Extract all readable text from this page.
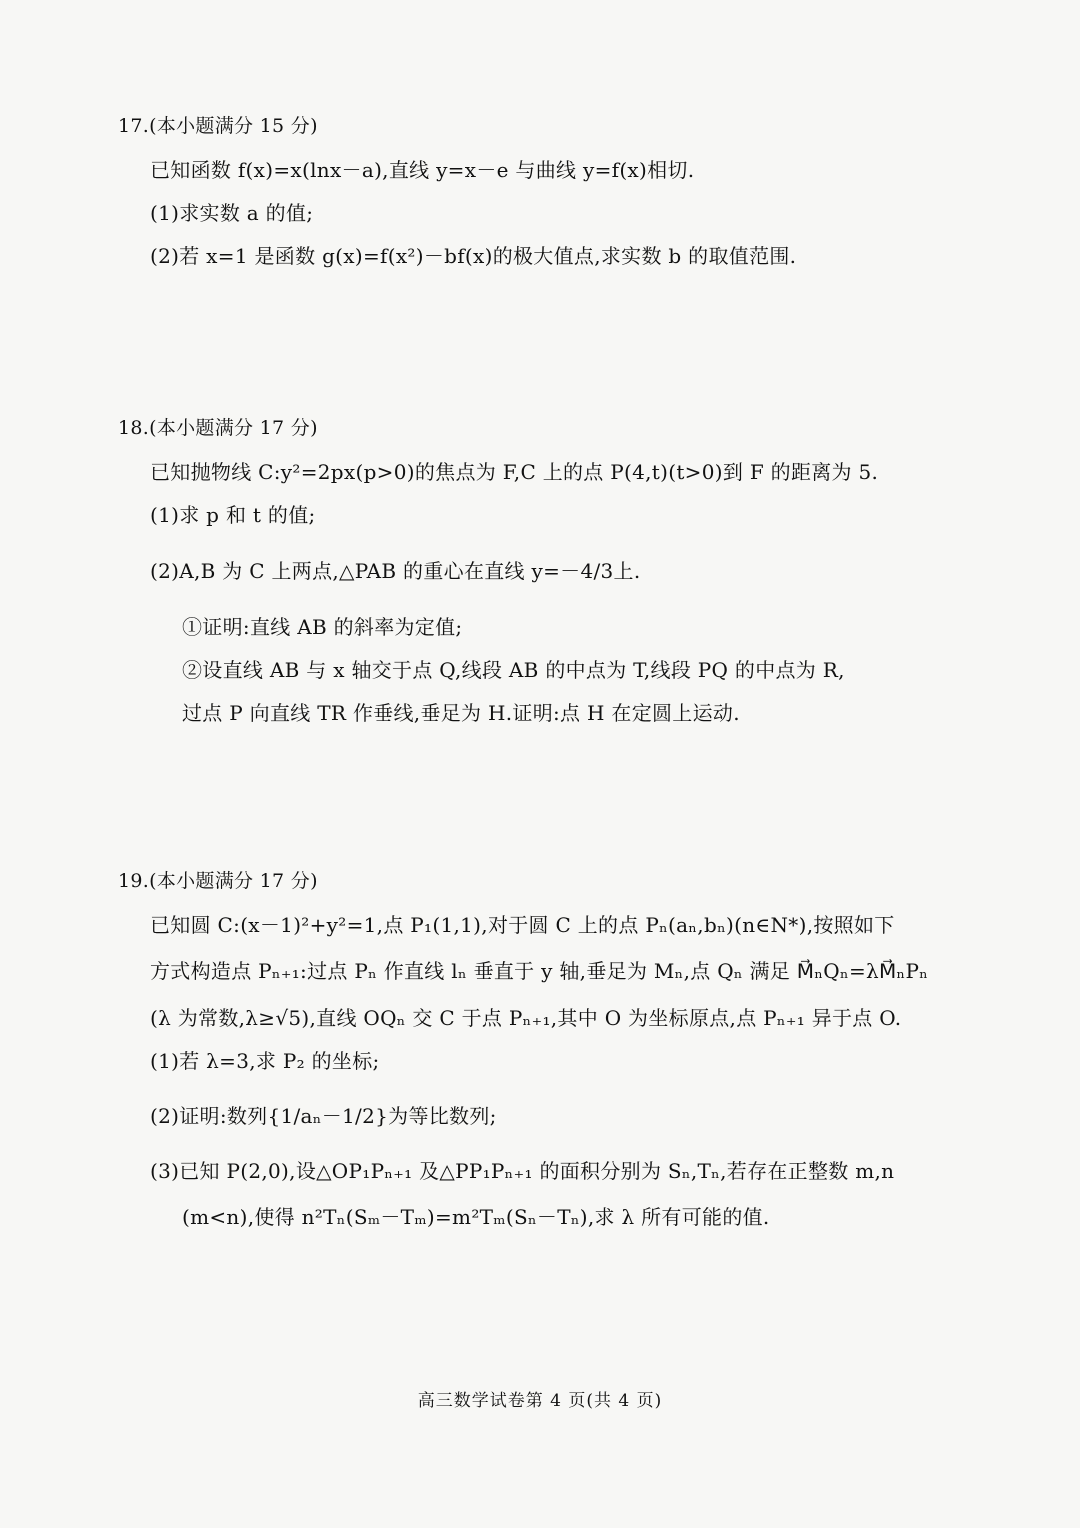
17.(本小题满分 15 分)
已知函数 f(x)=x(lnx－a),直线 y=x－e 与曲线 y=f(x)相切.
(1)求实数 a 的值;
(2)若 x=1 是函数 g(x)=f(x²)－bf(x)的极大值点,求实数 b 的取值范围.
18.(本小题满分 17 分)
已知抛物线 C:y²=2px(p>0)的焦点为 F,C 上的点 P(4,t)(t>0)到 F 的距离为 5.
(1)求 p 和 t 的值;
(2)A,B 为 C 上两点,△PAB 的重心在直线 y=－4/3上.
①证明:直线 AB 的斜率为定值;
②设直线 AB 与 x 轴交于点 Q,线段 AB 的中点为 T,线段 PQ 的中点为 R,
过点 P 向直线 TR 作垂线,垂足为 H.证明:点 H 在定圆上运动.
19.(本小题满分 17 分)
已知圆 C:(x－1)²+y²=1,点 P₁(1,1),对于圆 C 上的点 Pₙ(aₙ,bₙ)(n∈N*),按照如下
方式构造点 Pₙ₊₁:过点 Pₙ 作直线 lₙ 垂直于 y 轴,垂足为 Mₙ,点 Qₙ 满足 M⃗ₙQₙ=λM⃗ₙPₙ
(λ 为常数,λ≥√5),直线 OQₙ 交 C 于点 Pₙ₊₁,其中 O 为坐标原点,点 Pₙ₊₁ 异于点 O.
(1)若 λ=3,求 P₂ 的坐标;
(2)证明:数列{1/aₙ－1/2}为等比数列;
(3)已知 P(2,0),设△OP₁Pₙ₊₁ 及△PP₁Pₙ₊₁ 的面积分别为 Sₙ,Tₙ,若存在正整数 m,n
(m<n),使得 n²Tₙ(Sₘ－Tₘ)=m²Tₘ(Sₙ－Tₙ),求 λ 所有可能的值.
高三数学试卷第 4 页(共 4 页)
